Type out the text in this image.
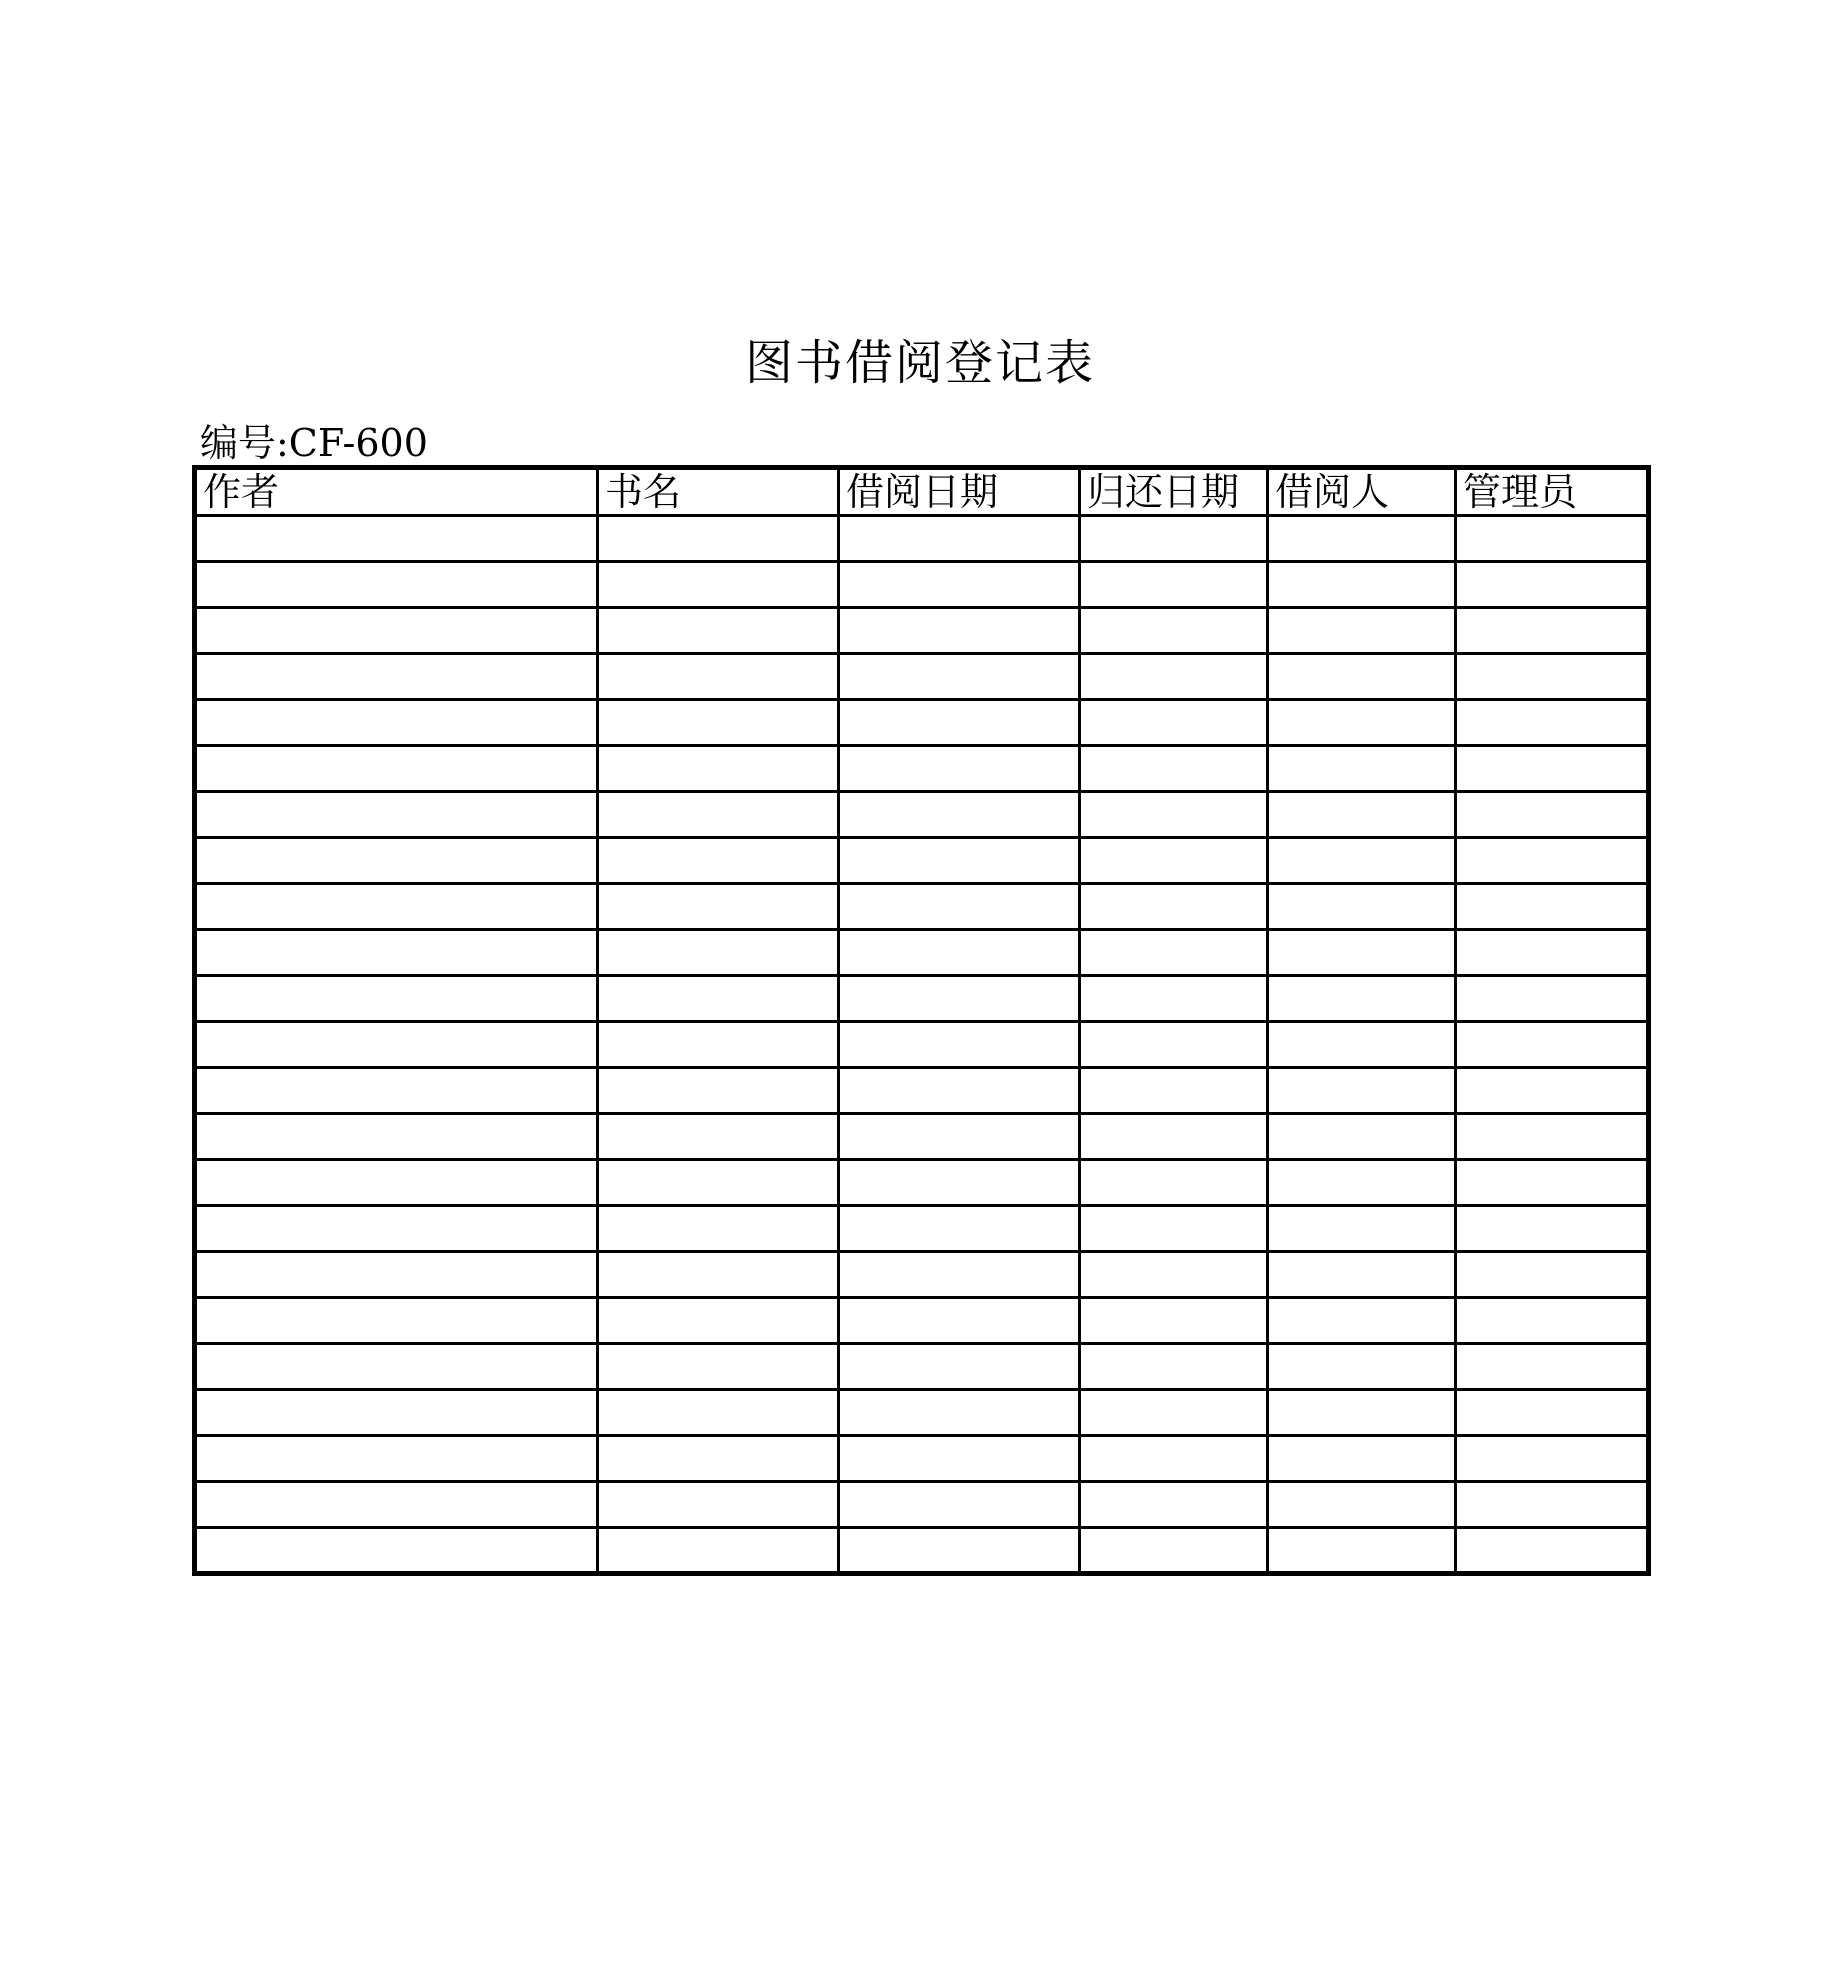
图书借阅登记表
编号:CF-600
作者	书名	借阅日期	归还日期	借阅人	管理员
